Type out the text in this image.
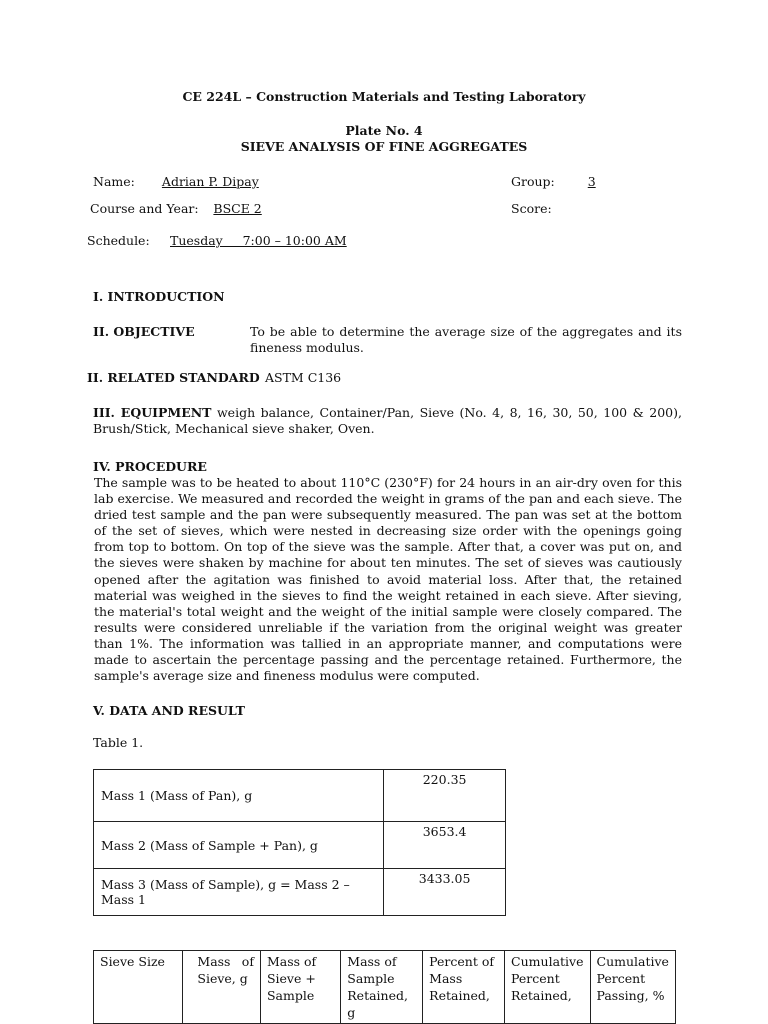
CE 224L – Construction Materials and Testing Laboratory
Plate No. 4
SIEVE ANALYSIS OF FINE AGGREGATES
Name: Adrian P. Dipay	Group:	3
Course and Year: BSCE 2	Score:
Schedule: Tuesday     7:00 – 10:00 AM
I. INTRODUCTION
II. OBJECTIVE	To be able to determine the average size of the aggregates and its fineness modulus.
II. RELATED STANDARD ASTM C136
III. EQUIPMENT weigh balance, Container/Pan, Sieve (No. 4, 8, 16, 30, 50, 100 & 200), Brush/Stick, Mechanical sieve shaker, Oven.
IV. PROCEDURE
The sample was to be heated to about 110°C (230°F) for 24 hours in an air-dry oven for this lab exercise. We measured and recorded the weight in grams of the pan and each sieve. The dried test sample and the pan were subsequently measured. The pan was set at the bottom of the set of sieves, which were nested in decreasing size order with the openings going from top to bottom. On top of the sieve was the sample. After that, a cover was put on, and the sieves were shaken by machine for about ten minutes. The set of sieves was cautiously opened after the agitation was finished to avoid material loss. After that, the retained material was weighed in the sieves to find the weight retained in each sieve. After sieving, the material's total weight and the weight of the initial sample were closely compared. The results were considered unreliable if the variation from the original weight was greater than 1%. The information was tallied in an appropriate manner, and computations were made to ascertain the percentage passing and the percentage retained. Furthermore, the sample's average size and fineness modulus were computed.
V. DATA AND RESULT
Table 1.
Mass 1 (Mass of Pan), g	220.35
Mass 2 (Mass of Sample + Pan), g	3653.4
Mass 3 (Mass of Sample), g = Mass 2 – Mass 1	3433.05
Sieve Size	Mass of Sieve, g	Mass of Sieve + Sample	Mass of Sample Retained, g	Percent of Mass Retained,	Cumulative Percent Retained,	Cumulative Percent Passing, %
